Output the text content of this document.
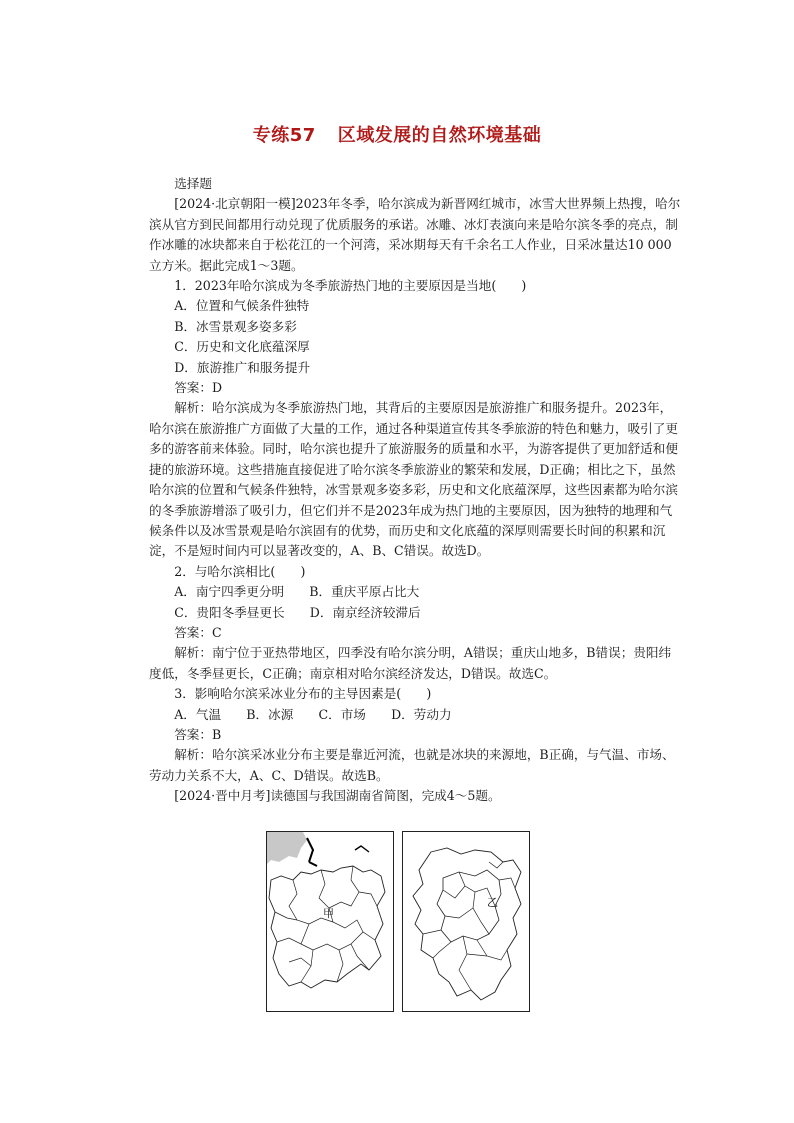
专练57 区域发展的自然环境基础

选择题

[2024·北京朝阳一模]2023年冬季，哈尔滨成为新晋网红城市，冰雪大世界频上热搜，哈尔滨从官方到民间都用行动兑现了优质服务的承诺。冰雕、冰灯表演向来是哈尔滨冬季的亮点，制作冰雕的冰块都来自于松花江的一个河湾，采冰期每天有千余名工人作业，日采冰量达10 000立方米。据此完成1～3题。

1．2023年哈尔滨成为冬季旅游热门地的主要原因是当地(　　)

A．位置和气候条件独特

B．冰雪景观多姿多彩

C．历史和文化底蕴深厚

D．旅游推广和服务提升

答案：D

解析：哈尔滨成为冬季旅游热门地，其背后的主要原因是旅游推广和服务提升。2023年，哈尔滨在旅游推广方面做了大量的工作，通过各种渠道宣传其冬季旅游的特色和魅力，吸引了更多的游客前来体验。同时，哈尔滨也提升了旅游服务的质量和水平，为游客提供了更加舒适和便捷的旅游环境。这些措施直接促进了哈尔滨冬季旅游业的繁荣和发展，D正确；相比之下，虽然哈尔滨的位置和气候条件独特，冰雪景观多姿多彩，历史和文化底蕴深厚，这些因素都为哈尔滨的冬季旅游增添了吸引力，但它们并不是2023年成为热门地的主要原因，因为独特的地理和气候条件以及冰雪景观是哈尔滨固有的优势，而历史和文化底蕴的深厚则需要长时间的积累和沉淀，不是短时间内可以显著改变的，A、B、C错误。故选D。

2．与哈尔滨相比(　　)

A．南宁四季更分明　　B．重庆平原占比大

C．贵阳冬季昼更长　　D．南京经济较滞后

答案：C

解析：南宁位于亚热带地区，四季没有哈尔滨分明，A错误；重庆山地多，B错误；贵阳纬度低，冬季昼更长，C正确；南京相对哈尔滨经济发达，D错误。故选C。

3．影响哈尔滨采冰业分布的主导因素是(　　)

A．气温　　B．冰源　　C．市场　　D．劳动力

答案：B

解析：哈尔滨采冰业分布主要是靠近河流，也就是冰块的来源地，B正确，与气温、市场、劳动力关系不大，A、C、D错误。故选B。

[2024·晋中月考]读德国与我国湖南省简图，完成4～5题。

甲
乙
